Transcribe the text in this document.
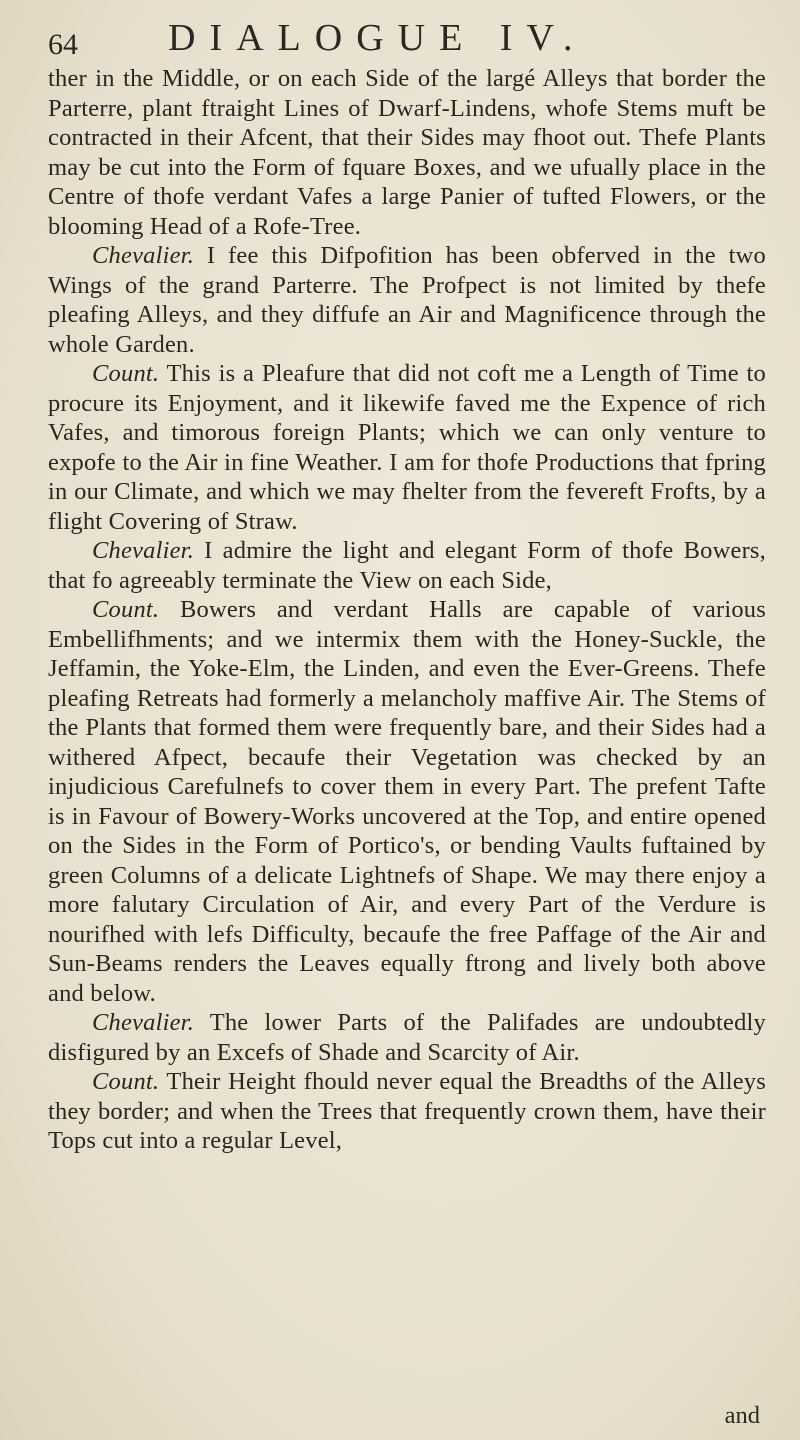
64 DIALOGUE IV.

ther in the Middle, or on each Side of the largé Alleys that border the Parterre, plant ftraight Lines of Dwarf-Lindens, whofe Stems muft be contracted in their Afcent, that their Sides may fhoot out. Thefe Plants may be cut into the Form of fquare Boxes, and we ufually place in the Centre of thofe verdant Vafes a large Panier of tufted Flowers, or the blooming Head of a Rofe-Tree.

Chevalier. I fee this Difpofition has been obferved in the two Wings of the grand Parterre. The Profpect is not limited by thefe pleafing Alleys, and they diffufe an Air and Magnificence through the whole Garden.

Count. This is a Pleafure that did not coft me a Length of Time to procure its Enjoyment, and it likewife faved me the Expence of rich Vafes, and timorous foreign Plants; which we can only venture to expofe to the Air in fine Weather. I am for thofe Productions that fpring in our Climate, and which we may fhelter from the fevereft Frofts, by a flight Covering of Straw.

Chevalier. I admire the light and elegant Form of thofe Bowers, that fo agreeably terminate the View on each Side,

Count. Bowers and verdant Halls are capable of various Embellifhments; and we intermix them with the Honey-Suckle, the Jeffamin, the Yoke-Elm, the Linden, and even the Ever-Greens. Thefe pleafing Retreats had formerly a melancholy maffive Air. The Stems of the Plants that formed them were frequently bare, and their Sides had a withered Afpect, becaufe their Vegetation was checked by an injudicious Carefulnefs to cover them in every Part. The prefent Tafte is in Favour of Bowery-Works uncovered at the Top, and entire opened on the Sides in the Form of Portico's, or bending Vaults fuftained by green Columns of a delicate Lightnefs of Shape. We may there enjoy a more falutary Circulation of Air, and every Part of the Verdure is nourifhed with lefs Difficulty, becaufe the free Paffage of the Air and Sun-Beams renders the Leaves equally ftrong and lively both above and below.

Chevalier. The lower Parts of the Palifades are undoubtedly disfigured by an Excefs of Shade and Scarcity of Air.

Count. Their Height fhould never equal the Breadths of the Alleys they border; and when the Trees that frequently crown them, have their Tops cut into a regular Level,

and
